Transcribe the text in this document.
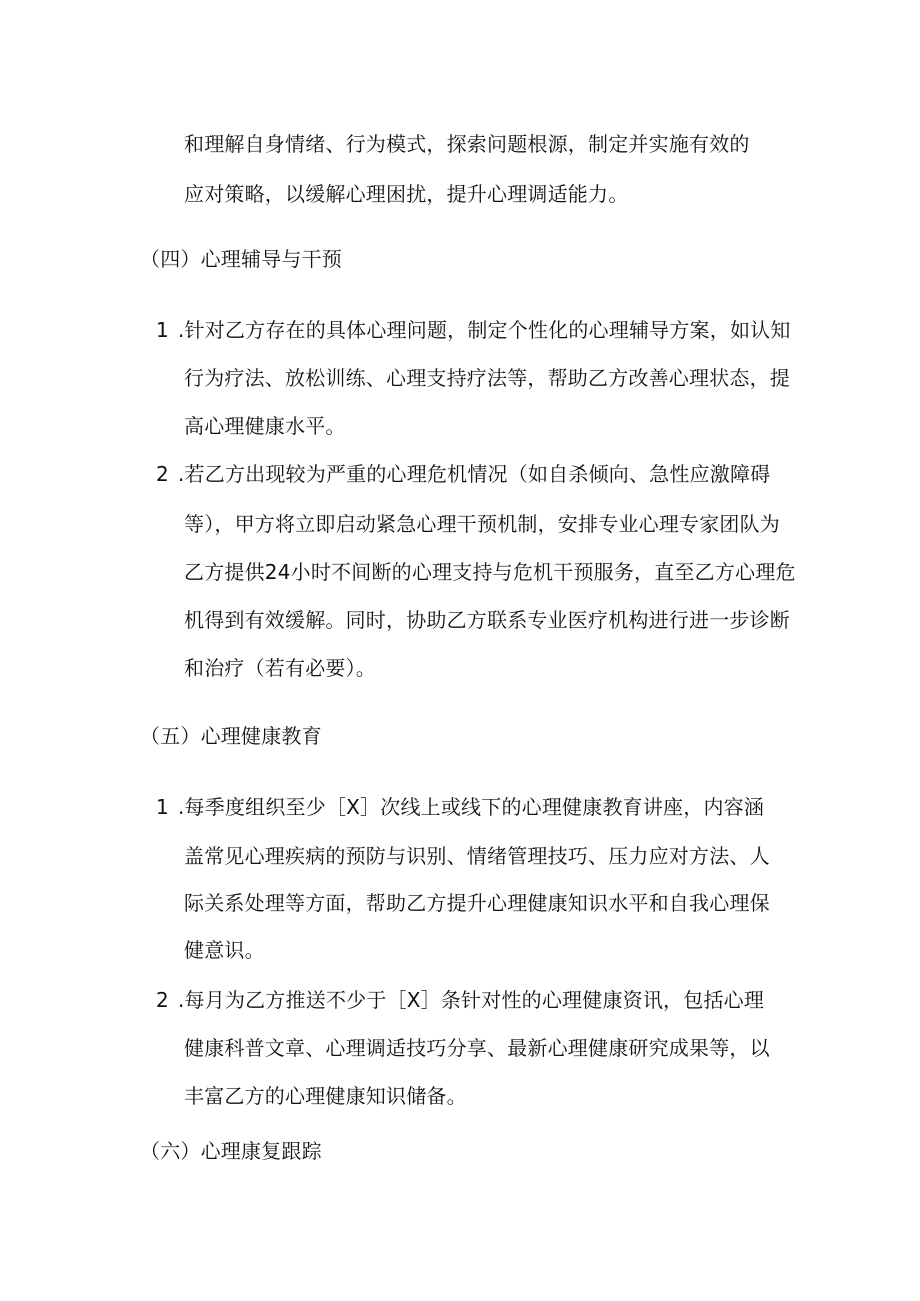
和理解自身情绪、行为模式，探索问题根源，制定并实施有效的
应对策略，以缓解心理困扰，提升心理调适能力。
（四）心理辅导与干预
1 .针对乙方存在的具体心理问题，制定个性化的心理辅导方案，如认知
行为疗法、放松训练、心理支持疗法等，帮助乙方改善心理状态，提
高心理健康水平。
2 .若乙方出现较为严重的心理危机情况（如自杀倾向、急性应激障碍
等），甲方将立即启动紧急心理干预机制，安排专业心理专家团队为
乙方提供24小时不间断的心理支持与危机干预服务，直至乙方心理危
机得到有效缓解。同时，协助乙方联系专业医疗机构进行进一步诊断
和治疗（若有必要）。
（五）心理健康教育
1 .每季度组织至少［X］次线上或线下的心理健康教育讲座，内容涵
盖常见心理疾病的预防与识别、情绪管理技巧、压力应对方法、人
际关系处理等方面，帮助乙方提升心理健康知识水平和自我心理保
健意识。
2 .每月为乙方推送不少于［X］条针对性的心理健康资讯，包括心理
健康科普文章、心理调适技巧分享、最新心理健康研究成果等，以
丰富乙方的心理健康知识储备。
（六）心理康复跟踪
